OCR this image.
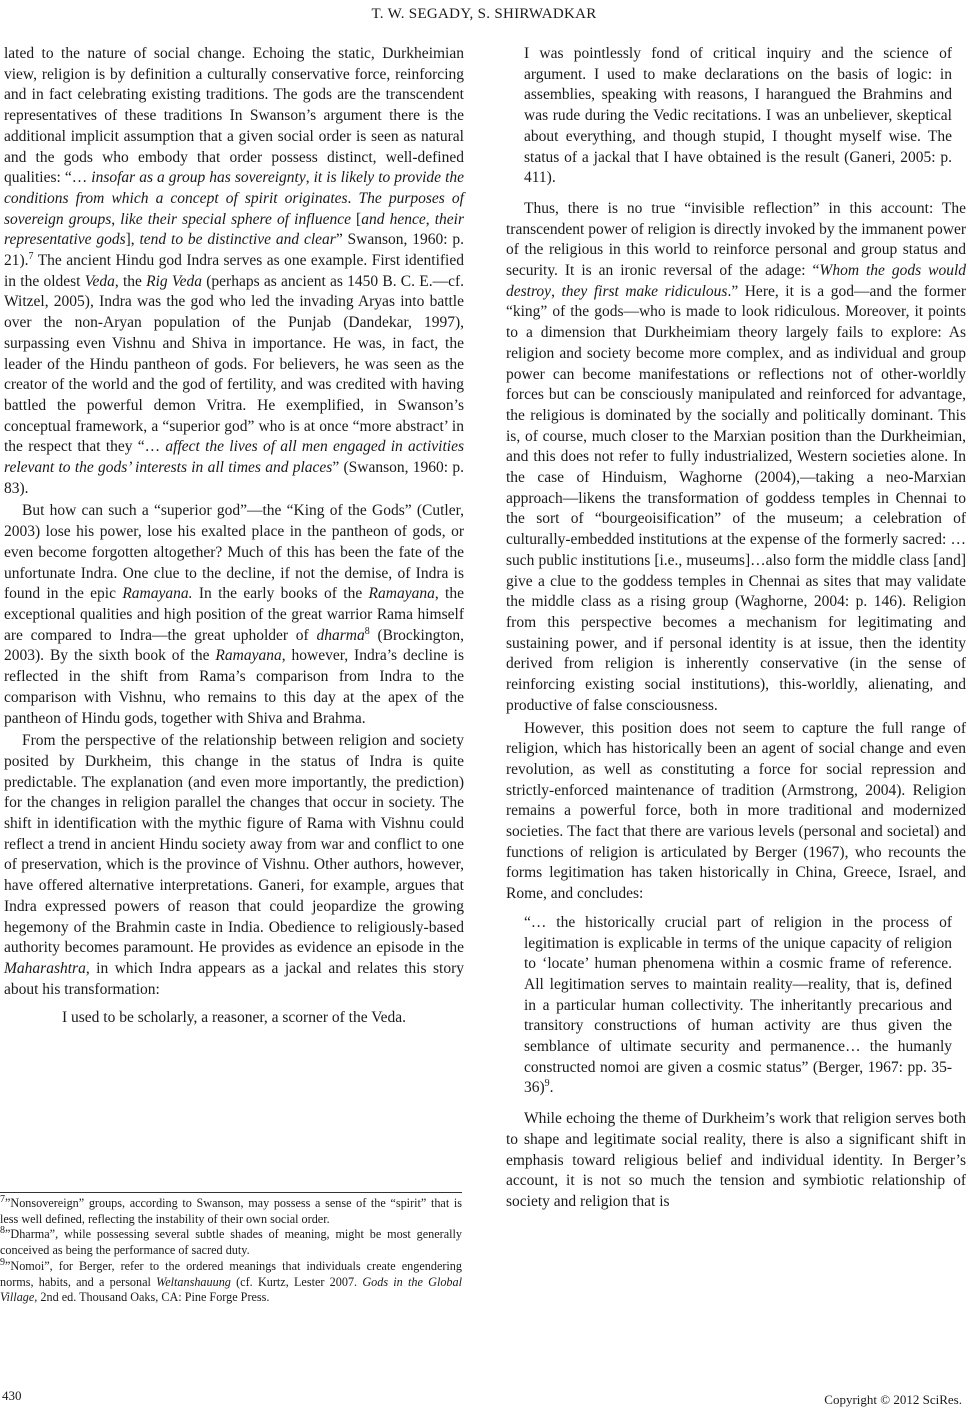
T. W. SEGADY, S. SHIRWADKAR

lated to the nature of social change. Echoing the static, Durkheimian view, religion is by definition a culturally conservative force, reinforcing and in fact celebrating existing traditions. The gods are the transcendent representatives of these traditions In Swanson’s argument there is the additional implicit assumption that a given social order is seen as natural and the gods who embody that order possess distinct, well-defined qualities: “… insofar as a group has sovereignty, it is likely to provide the conditions from which a concept of spirit originates. The purposes of sovereign groups, like their special sphere of influence [and hence, their representative gods], tend to be distinctive and clear” Swanson, 1960: p. 21).$^7$ The ancient Hindu god Indra serves as one example. First identified in the oldest Veda, the Rig Veda (perhaps as ancient as 1450 B. C. E.—cf. Witzel, 2005), Indra was the god who led the invading Aryas into battle over the non-Aryan population of the Punjab (Dandekar, 1997), surpassing even Vishnu and Shiva in importance. He was, in fact, the leader of the Hindu pantheon of gods. For believers, he was seen as the creator of the world and the god of fertility, and was credited with having battled the powerful demon Vritra. He exemplified, in Swanson’s conceptual framework, a “superior god” who is at once “more abstract’ in the respect that they “… affect the lives of all men engaged in activities relevant to the gods’ interests in all times and places” (Swanson, 1960: p. 83).

But how can such a “superior god”—the “King of the Gods” (Cutler, 2003) lose his power, lose his exalted place in the pantheon of gods, or even become forgotten altogether? Much of this has been the fate of the unfortunate Indra. One clue to the decline, if not the demise, of Indra is found in the epic Ramayana. In the early books of the Ramayana, the exceptional qualities and high position of the great warrior Rama himself are compared to Indra—the great upholder of dharma$^8$ (Brockington, 2003). By the sixth book of the Ramayana, however, Indra’s decline is reflected in the shift from Rama’s comparison from Indra to the comparison with Vishnu, who remains to this day at the apex of the pantheon of Hindu gods, together with Shiva and Brahma.

From the perspective of the relationship between religion and society posited by Durkheim, this change in the status of Indra is quite predictable. The explanation (and even more importantly, the prediction) for the changes in religion parallel the changes that occur in society. The shift in identification with the mythic figure of Rama with Vishnu could reflect a trend in ancient Hindu society away from war and conflict to one of preservation, which is the province of Vishnu. Other authors, however, have offered alternative interpretations. Ganeri, for example, argues that Indra expressed powers of reason that could jeopardize the growing hegemony of the Brahmin caste in India. Obedience to religiously-based authority becomes paramount. He provides as evidence an episode in the Maharashtra, in which Indra appears as a jackal and relates this story about his transformation:

I used to be scholarly, a reasoner, a scorner of the Veda.

$^7$”Nonsovereign” groups, according to Swanson, may possess a sense of the “spirit” that is less well defined, reflecting the instability of their own social order.

$^8$”Dharma”, while possessing several subtle shades of meaning, might be most generally conceived as being the performance of sacred duty.

$^9$”Nomoi”, for Berger, refer to the ordered meanings that individuals create engendering norms, habits, and a personal Weltanshauung (cf. Kurtz, Lester 2007. Gods in the Global Village, 2nd ed. Thousand Oaks, CA: Pine Forge Press.

I was pointlessly fond of critical inquiry and the science of argument. I used to make declarations on the basis of logic: in assemblies, speaking with reasons, I harangued the Brahmins and was rude during the Vedic recitations. I was an unbeliever, skeptical about everything, and though stupid, I thought myself wise. The status of a jackal that I have obtained is the result (Ganeri, 2005: p. 411).

Thus, there is no true “invisible reflection” in this account: The transcendent power of religion is directly invoked by the immanent power of the religious in this world to reinforce personal and group status and security. It is an ironic reversal of the adage: “Whom the gods would destroy, they first make ridiculous.” Here, it is a god—and the former “king” of the gods—who is made to look ridiculous. Moreover, it points to a dimension that Durkheimiam theory largely fails to explore: As religion and society become more complex, and as individual and group power can become manifestations or reflections not of other-worldly forces but can be consciously manipulated and reinforced for advantage, the religious is dominated by the socially and politically dominant. This is, of course, much closer to the Marxian position than the Durkheimian, and this does not refer to fully industrialized, Western societies alone. In the case of Hinduism, Waghorne (2004),—taking a neo-Marxian approach—likens the transformation of goddess temples in Chennai to the sort of “bourgeoisification” of the museum; a celebration of culturally-embedded institutions at the expense of the formerly sacred: … such public institutions [i.e., museums]…also form the middle class [and] give a clue to the goddess temples in Chennai as sites that may validate the middle class as a rising group (Waghorne, 2004: p. 146). Religion from this perspective becomes a mechanism for legitimating and sustaining power, and if personal identity is at issue, then the identity derived from religion is inherently conservative (in the sense of reinforcing existing social institutions), this-worldly, alienating, and productive of false consciousness.

However, this position does not seem to capture the full range of religion, which has historically been an agent of social change and even revolution, as well as constituting a force for social repression and strictly-enforced maintenance of tradition (Armstrong, 2004). Religion remains a powerful force, both in more traditional and modernized societies. The fact that there are various levels (personal and societal) and functions of religion is articulated by Berger (1967), who recounts the forms legitimation has taken historically in China, Greece, Israel, and Rome, and concludes:

“… the historically crucial part of religion in the process of legitimation is explicable in terms of the unique capacity of religion to ‘locate’ human phenomena within a cosmic frame of reference. All legitimation serves to maintain reality—reality, that is, defined in a particular human collectivity. The inheritantly precarious and transitory constructions of human activity are thus given the semblance of ultimate security and permanence… the humanly constructed nomoi are given a cosmic status” (Berger, 1967: pp. 35-36)$^9$.

While echoing the theme of Durkheim’s work that religion serves both to shape and legitimate social reality, there is also a significant shift in emphasis toward religious belief and individual identity. In Berger’s account, it is not so much the tension and symbiotic relationship of society and religion that is

430	Copyright © 2012 SciRes.
